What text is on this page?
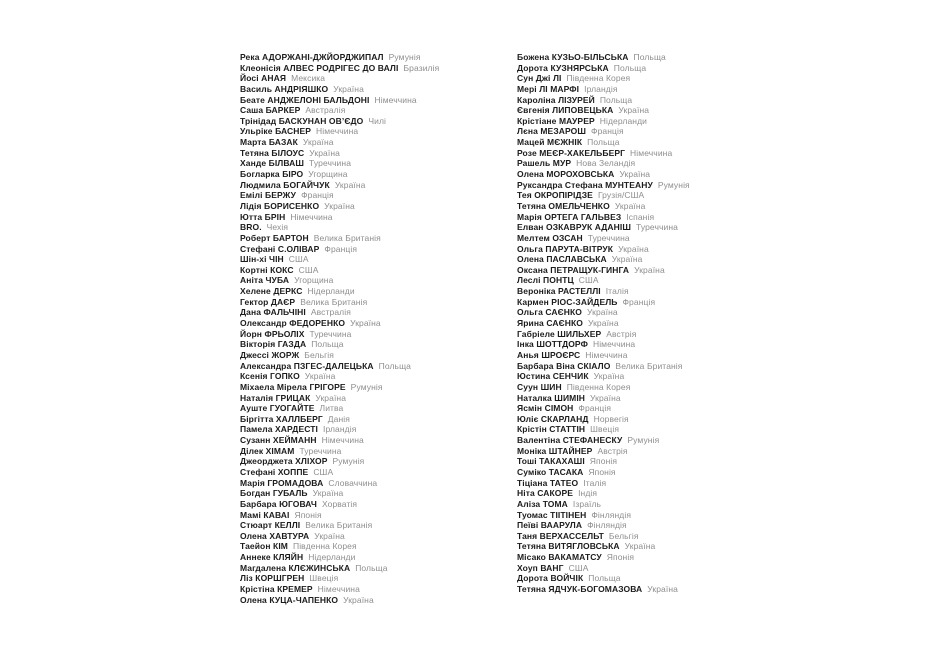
Река АДОРЖАНІ-ДЖЙОРДЖИПАЛ Румунія
Клеонісія АЛВЕС РОДРІГЕС ДО ВАЛІ Бразилія
Йосі АНАЯ Мексика
Василь АНДРІЯШКО Україна
Беате АНДЖЕЛОНІ БАЛЬДОНІ Німеччина
Саша БАРКЕР Австралія
Трінідад БАСКУНАН ОВ’ЄДО Чилі
Ульріке БАСНЕР Німеччина
Марта БАЗАК Україна
Тетяна БІЛОУС Україна
Ханде БІЛВАШ Туреччина
Богларка БІРО Угорщина
Людмила БОГАЙЧУК Україна
Емілі БЕРЖУ Франція
Лідія БОРИСЕНКО Україна
Ютта БРІН Німеччина
BRO. Чехія
Роберт БАРТОН Велика Британія
Стефані С.ОЛІВАР Франція
Шін-хі ЧІН США
Кортні КОКС США
Аніта ЧУБА Угорщина
Хелене ДЕРКС Нідерланди
Гектор ДАЄР Велика Британія
Дана ФАЛЬЧІНІ Австралія
Олександр ФЕДОРЕНКО Україна
Йорн ФРЬОЛІХ Туреччина
Вікторія ГАЗДА Польща
Джессі ЖОРЖ Бельгія
Александра ПЗГЕС-ДАЛЕЦЬКА Польща
Ксенія ГОПКО Україна
Міхаела Мірела ГРІГОРЕ Румунія
Наталія ГРИЦАК Україна
Ауште ГУОГАЙТЕ Литва
Біргітта ХАЛЛБЕРГ Данія
Памела ХАРДЕСТІ Ірландія
Сузанн ХЕЙМАНН Німеччина
Ділек ХІМАМ Туреччина
Джеорджета ХЛІХОР Румунія
Стефані ХОППЕ США
Марія ГРОМАДОВА Словаччина
Богдан ГУБАЛЬ Україна
Барбара ЮГОВАЧ Хорватія
Мамі КАВАІ Японія
Стюарт КЕЛЛІ Велика Британія
Олена ХАВТУРА Україна
Таейон КІМ Південна Корея
Аннеке КЛЯЙН Нідерланди
Магдалена КЛЄЖИНСЬКА Польща
Ліз КОРШГРЕН Швеція
Крістіна КРЕМЕР Німеччина
Олена КУЦА-ЧАПЕНКО Україна
Божена КУЗЬО-БІЛЬСЬКА Польща
Дорота КУЗНЯРСЬКА Польща
Сун Джі ЛІ Південна Корея
Мері ЛІ МАРФІ Ірландія
Кароліна ЛІЗУРЕЙ Польща
Євгенія ЛИПОВЕЦЬКА Україна
Крістіане МАУРЕР Нідерланди
Лєна МЕЗАРОШ Франція
Мацей МЄЖНІК Польща
Розе МЕЄР-ХАКЕЛЬБЕРГ Німеччина
Рашель МУР Нова Зеландія
Олена МОРОХОВСЬКА Україна
Руксандра Стефана МУНТЕАНУ Румунія
Тея ОКРОПІРІДЗЕ Грузія/США
Тетяна ОМЕЛЬЧЕНКО Україна
Марія ОРТЕГА ГАЛЬВЕЗ Іспанія
Елван ОЗКАВРУК АДАНІШ Туреччина
Мелтем ОЗСАН Туреччина
Ольга ПАРУТА-ВІТРУК Україна
Олена ПАСЛАВСЬКА Україна
Оксана ПЕТРАЩУК-ГИНГА Україна
Леслі ПОНТЦ США
Вероніка РАСТЕЛЛІ Італія
Кармен РІОС-ЗАЙДЕЛЬ Франція
Ольга САЄНКО Україна
Ярина САЄНКО Україна
Габріеле ШИЛЬХЕР Австрія
Інка ШОТТДОРФ Німеччина
Анья ШРОЄРС Німеччина
Барбара Віна СКІАЛО Велика Британія
Юстина СЕНЧИК Україна
Суун ШИН Південна Корея
Наталка ШИМІН Україна
Ясмін СІМОН Франція
Юліє СКАРЛАНД Норвегія
Крістін СТАТТІН Швеція
Валентіна СТЕФАНЕСКУ Румунія
Моніка ШТАЙНЕР Австрія
Тоші ТАКАХАШІ Японія
Суміко ТАСАКА Японія
Тіціана ТАТЕО Італія
Ніта САКОРЕ Індія
Аліза ТОМА Ізраїль
Туомас ТІІТІНЕН Фінляндія
Пеїві ВААРУЛА Фінляндія
Таня ВЕРХАССЕЛЬТ Бельгія
Тетяна ВИТЯГЛОВСЬКА Україна
Місако ВАКАМАТСУ Японія
Хоуп ВАНГ США
Дорота ВОЙЧІК Польща
Тетяна ЯДЧУК-БОГОМАЗОВА Україна
